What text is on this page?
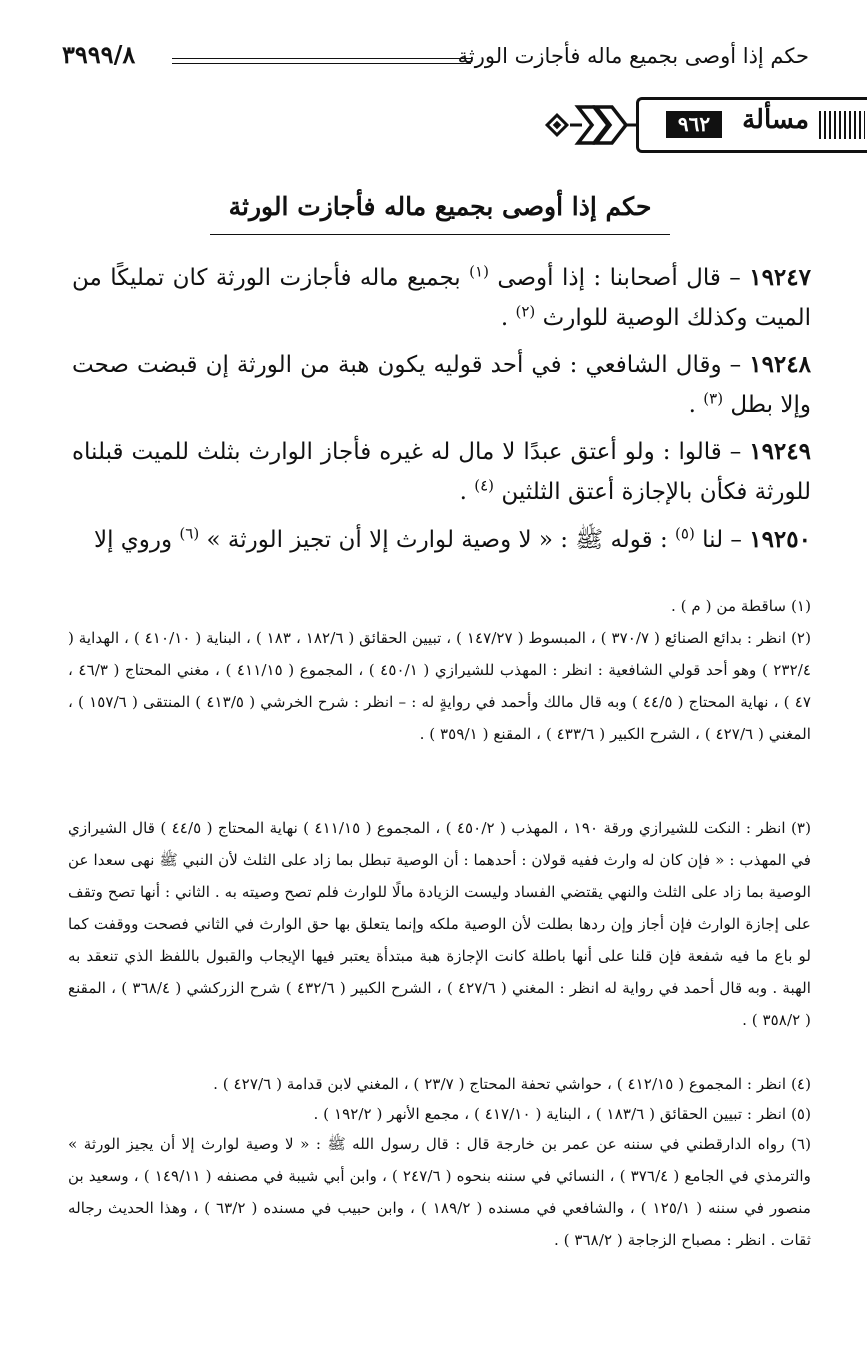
حكم إذا أوصى بجميع ماله فأجازت الورثة
٣٩٩٩/٨
مسألة
٩٦٢
حكم إذا أوصى بجميع ماله فأجازت الورثة

١٩٢٤٧ – قال أصحابنا : إذا أوصى $^{(١)}$ بجميع ماله فأجازت الورثة كان تمليكًا من الميت وكذلك الوصية للوارث $^{(٢)}$ .

١٩٢٤٨ – وقال الشافعي : في أحد قوليه يكون هبة من الورثة إن قبضت صحت وإلا بطل $^{(٣)}$ .

١٩٢٤٩ – قالوا : ولو أعتق عبدًا لا مال له غيره فأجاز الوارث بثلث للميت قبلناه للورثة فكأن بالإجازة أعتق الثلثين $^{(٤)}$ .

١٩٢٥٠ – لنا $^{(٥)}$ : قوله ﷺ : « لا وصية لوارث إلا أن تجيز الورثة » $^{(٦)}$ وروي إلا

(١) ساقطة من ( م ) .

(٢) انظر : بدائع الصنائع ( ٣٧٠/٧ ) ، المبسوط ( ١٤٧/٢٧ ) ، تبيين الحقائق ( ١٨٢/٦ ، ١٨٣ ) ، البناية ( ٤١٠/١٠ ) ، الهداية ( ٢٣٢/٤ ) وهو أحد قولي الشافعية : انظر : المهذب للشيرازي ( ٤٥٠/١ ) ، المجموع ( ٤١١/١٥ ) ، مغني المحتاج ( ٤٦/٣ ، ٤٧ ) ، نهاية المحتاج ( ٤٤/٥ ) وبه قال مالك وأحمد في روايةٍ له : – انظر : شرح الخرشي ( ٤١٣/٥ ) المنتقى ( ١٥٧/٦ ) ، المغني ( ٤٢٧/٦ ) ، الشرح الكبير ( ٤٣٣/٦ ) ، المقنع ( ٣٥٩/١ ) .

(٣) انظر : النكت للشيرازي ورقة ١٩٠ ، المهذب ( ٤٥٠/٢ ) ، المجموع ( ٤١١/١٥ ) نهاية المحتاج ( ٤٤/٥ ) قال الشيرازي في المهذب : « فإن كان له وارث ففيه قولان : أحدهما : أن الوصية تبطل بما زاد على الثلث لأن النبي ﷺ نهى سعدا عن الوصية بما زاد على الثلث والنهي يقتضي الفساد وليست الزيادة مالًا للوارث فلم تصح وصيته به . الثاني : أنها تصح وتقف على إجازة الوارث فإن أجاز وإن ردها بطلت لأن الوصية ملكه وإنما يتعلق بها حق الوارث في الثاني فصحت ووقفت كما لو باع ما فيه شفعة فإن قلنا على أنها باطلة كانت الإجازة هبة مبتدأة يعتبر فيها الإيجاب والقبول باللفظ الذي تنعقد به الهبة . وبه قال أحمد في رواية له انظر : المغني ( ٤٢٧/٦ ) ، الشرح الكبير ( ٤٣٢/٦ ) شرح الزركشي ( ٣٦٨/٤ ) ، المقنع ( ٣٥٨/٢ ) .

(٤) انظر : المجموع ( ٤١٢/١٥ ) ، حواشي تحفة المحتاج ( ٢٣/٧ ) ، المغني لابن قدامة ( ٤٢٧/٦ ) .

(٥) انظر : تبيين الحقائق ( ١٨٣/٦ ) ، البناية ( ٤١٧/١٠ ) ، مجمع الأنهر ( ١٩٢/٢ ) .

(٦) رواه الدارقطني في سننه عن عمر بن خارجة قال : قال رسول الله ﷺ : « لا وصية لوارث إلا أن يجيز الورثة » والترمذي في الجامع ( ٣٧٦/٤ ) ، النسائي في سننه بنحوه ( ٢٤٧/٦ ) ، وابن أبي شيبة في مصنفه ( ١٤٩/١١ ) ، وسعيد بن منصور في سننه ( ١٢٥/١ ) ، والشافعي في مسنده ( ١٨٩/٢ ) ، وابن حبيب في مسنده ( ٦٣/٢ ) ، وهذا الحديث رجاله ثقات . انظر : مصباح الزجاجة ( ٣٦٨/٢ ) .
